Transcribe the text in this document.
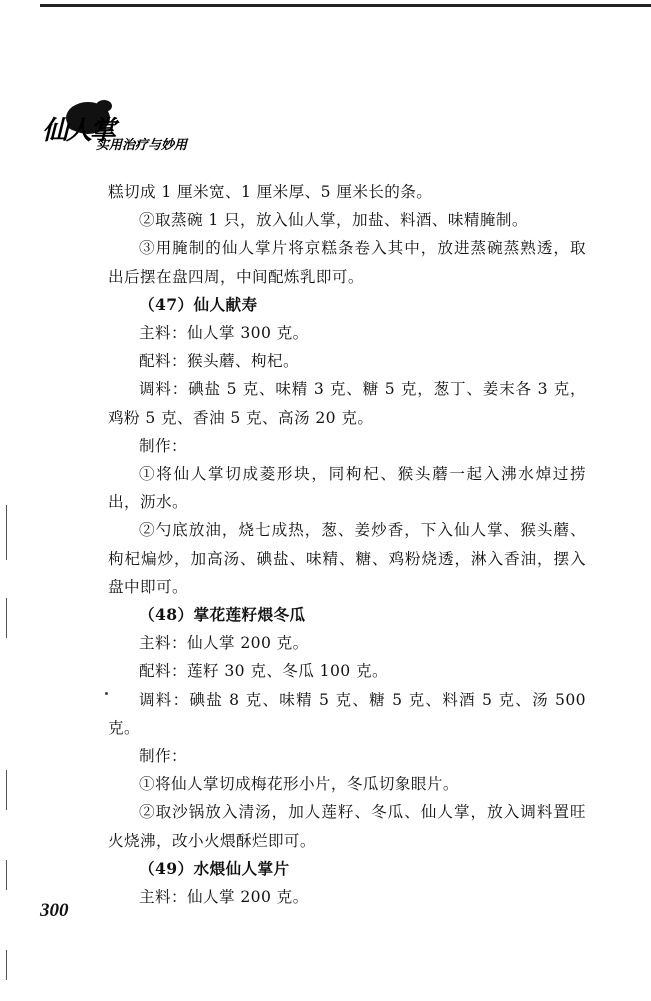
仙人掌
实用治疗与妙用

糕切成 1 厘米宽、1 厘米厚、5 厘米长的条。

②取蒸碗 1 只，放入仙人掌，加盐、料酒、味精腌制。

③用腌制的仙人掌片将京糕条卷入其中，放进蒸碗蒸熟透，取出后摆在盘四周，中间配炼乳即可。

（47）仙人献寿

主料：仙人掌 300 克。

配料：猴头蘑、枸杞。

调料：碘盐 5 克、味精 3 克、糖 5 克，葱丁、姜末各 3 克，鸡粉 5 克、香油 5 克、高汤 20 克。

制作：

①将仙人掌切成菱形块，同枸杞、猴头蘑一起入沸水焯过捞出，沥水。

②勺底放油，烧七成热，葱、姜炒香，下入仙人掌、猴头蘑、枸杞煸炒，加高汤、碘盐、味精、糖、鸡粉烧透，淋入香油，摆入盘中即可。

（48）掌花莲籽煨冬瓜

主料：仙人掌 200 克。

配料：莲籽 30 克、冬瓜 100 克。

调料：碘盐 8 克、味精 5 克、糖 5 克、料酒 5 克、汤 500 克。

制作：

①将仙人掌切成梅花形小片，冬瓜切象眼片。

②取沙锅放入清汤，加人莲籽、冬瓜、仙人掌，放入调料置旺火烧沸，改小火煨酥烂即可。

（49）水煨仙人掌片

主料：仙人掌 200 克。

300
